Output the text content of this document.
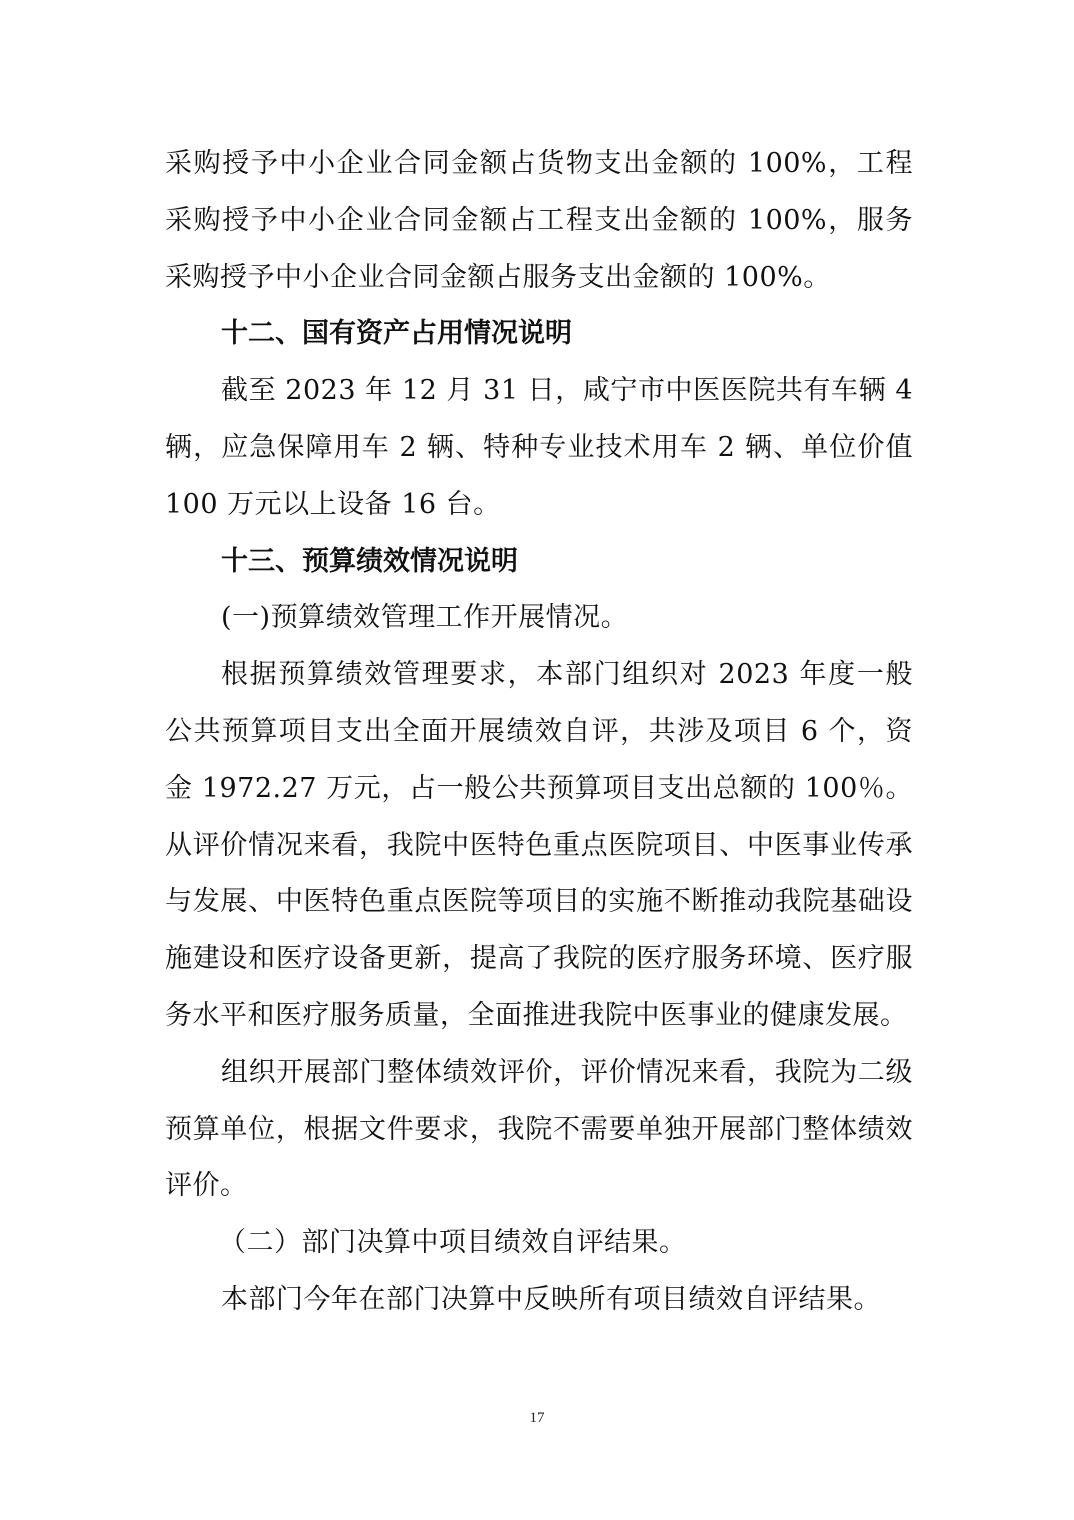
采购授予中小企业合同金额占货物支出金额的 100%，工程采购授予中小企业合同金额占工程支出金额的 100%，服务采购授予中小企业合同金额占服务支出金额的 100%。

十二、国有资产占用情况说明

截至 2023 年 12 月 31 日，咸宁市中医医院共有车辆 4 辆，应急保障用车 2 辆、特种专业技术用车 2 辆、单位价值 100 万元以上设备 16 台。

十三、预算绩效情况说明

(一)预算绩效管理工作开展情况。

根据预算绩效管理要求，本部门组织对 2023 年度一般公共预算项目支出全面开展绩效自评，共涉及项目 6 个，资金 1972.27 万元，占一般公共预算项目支出总额的 100％。从评价情况来看，我院中医特色重点医院项目、中医事业传承与发展、中医特色重点医院等项目的实施不断推动我院基础设施建设和医疗设备更新，提高了我院的医疗服务环境、医疗服务水平和医疗服务质量，全面推进我院中医事业的健康发展。

组织开展部门整体绩效评价，评价情况来看，我院为二级预算单位，根据文件要求，我院不需要单独开展部门整体绩效评价。

（二）部门决算中项目绩效自评结果。

本部门今年在部门决算中反映所有项目绩效自评结果。

17
